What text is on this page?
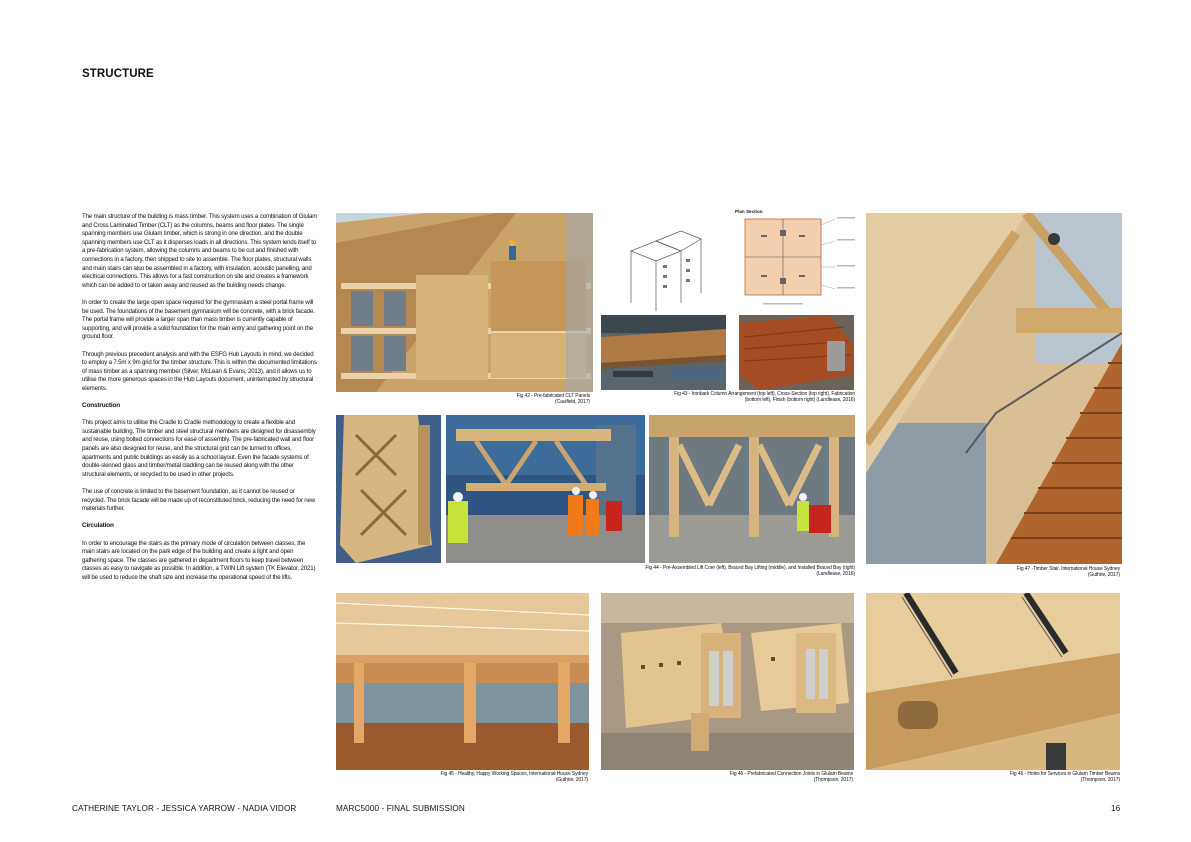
STRUCTURE

The main structure of the building is mass timber. This system uses a combination of Glulam and Cross Laminated Timber (CLT) as the columns, beams and floor plates. The single spanning members use Glulam timber, which is strong in one direction, and the double spanning members use CLT as it disperses loads in all directions. This system lends itself to a pre-fabrication system, allowing the columns and beams to be cut and finished with connections in a factory, then shipped to site to assemble. The floor plates, structural walls and main stairs can also be assembled in a factory, with insulation, acoustic panelling, and electrical connections. This allows for a fast construction on site and creates a framework which can be added to or taken away and reused as the building needs change.

In order to create the large open space required for the gymnasium a steel portal frame will be used. The foundations of the basement gymnasium will be concrete, with a brick facade. The portal frame will provide a larger span than mass timber is currently capable of supporting, and will provide a solid foundation for the main entry and gathering point on the ground floor.

Through previous precedent analysis and with the ESFG Hub Layouts in mind, we decided to employ a 7.5m x 9m grid for the timber structure. This is within the documented limitations of mass timber as a spanning member (Silver, McLean & Evans, 2013), and it allows us to utilise the more generous spaces in the Hub Layouts document, uninterrupted by structural elements.

Construction

This project aims to utilise the Cradle to Cradle methodology to create a flexible and sustainable building. The timber and steel structural members are designed for disassembly and reuse, using bolted connections for ease of assembly. The pre-fabricated wall and floor panels are also designed for reuse, and the structural grid can be turned to offices, apartments and public buildings as easily as a school layout. Even the facade systems of double-skinned glass and timber/metal cladding can be reused along with the other structural elements, or recycled to be used in other projects.

The use of concrete is limited to the basement foundation, as it cannot be reused or recycled. The brick facade will be made up of reconstituted brick, reducing the need for new materials further.

Circulation

In order to encourage the stairs as the primary mode of circulation between classes, the main stairs are located on the park edge of the building and create a light and open gathering space. The classes are gathered in department floors to keep travel between classes as easy to navigate as possible. In addition, a TWIN Lift system (TK Elevator, 2021) will be used to reduce the shaft size and increase the operational speed of the lifts.

Fig 42 - Pre-fabricated CLT Panels
(Caulfield, 2017)
Plan Section
Fig 43 - Ironbark Column Arrangement (top left), Cross-Section (top right), Fabrication
(bottom left), Finish (bottom right) (Landlease, 2016)
Fig 44 - Pre-Assembled Lift Core (left), Braced Bay Lifting (middle), and Installed Braced Bay (right)
(Landlease, 2016)
Fig 47 -Timber Stair, International House Sydney
(Guthrie, 2017)
Fig 45 - Healthy, Happy Working Spaces, International House Sydney
(Guthrie, 2017)
Fig 46 - Prefabricated Connection Joints in Glulam Beams
(Thompson, 2017)
Fig 46 - Holes for Services in Glulam Timber Beams
(Thompson, 2017)
CATHERINE TAYLOR - JESSICA YARROW - NADIA VIDOR	MARC5000 - FINAL SUBMISSION	16
